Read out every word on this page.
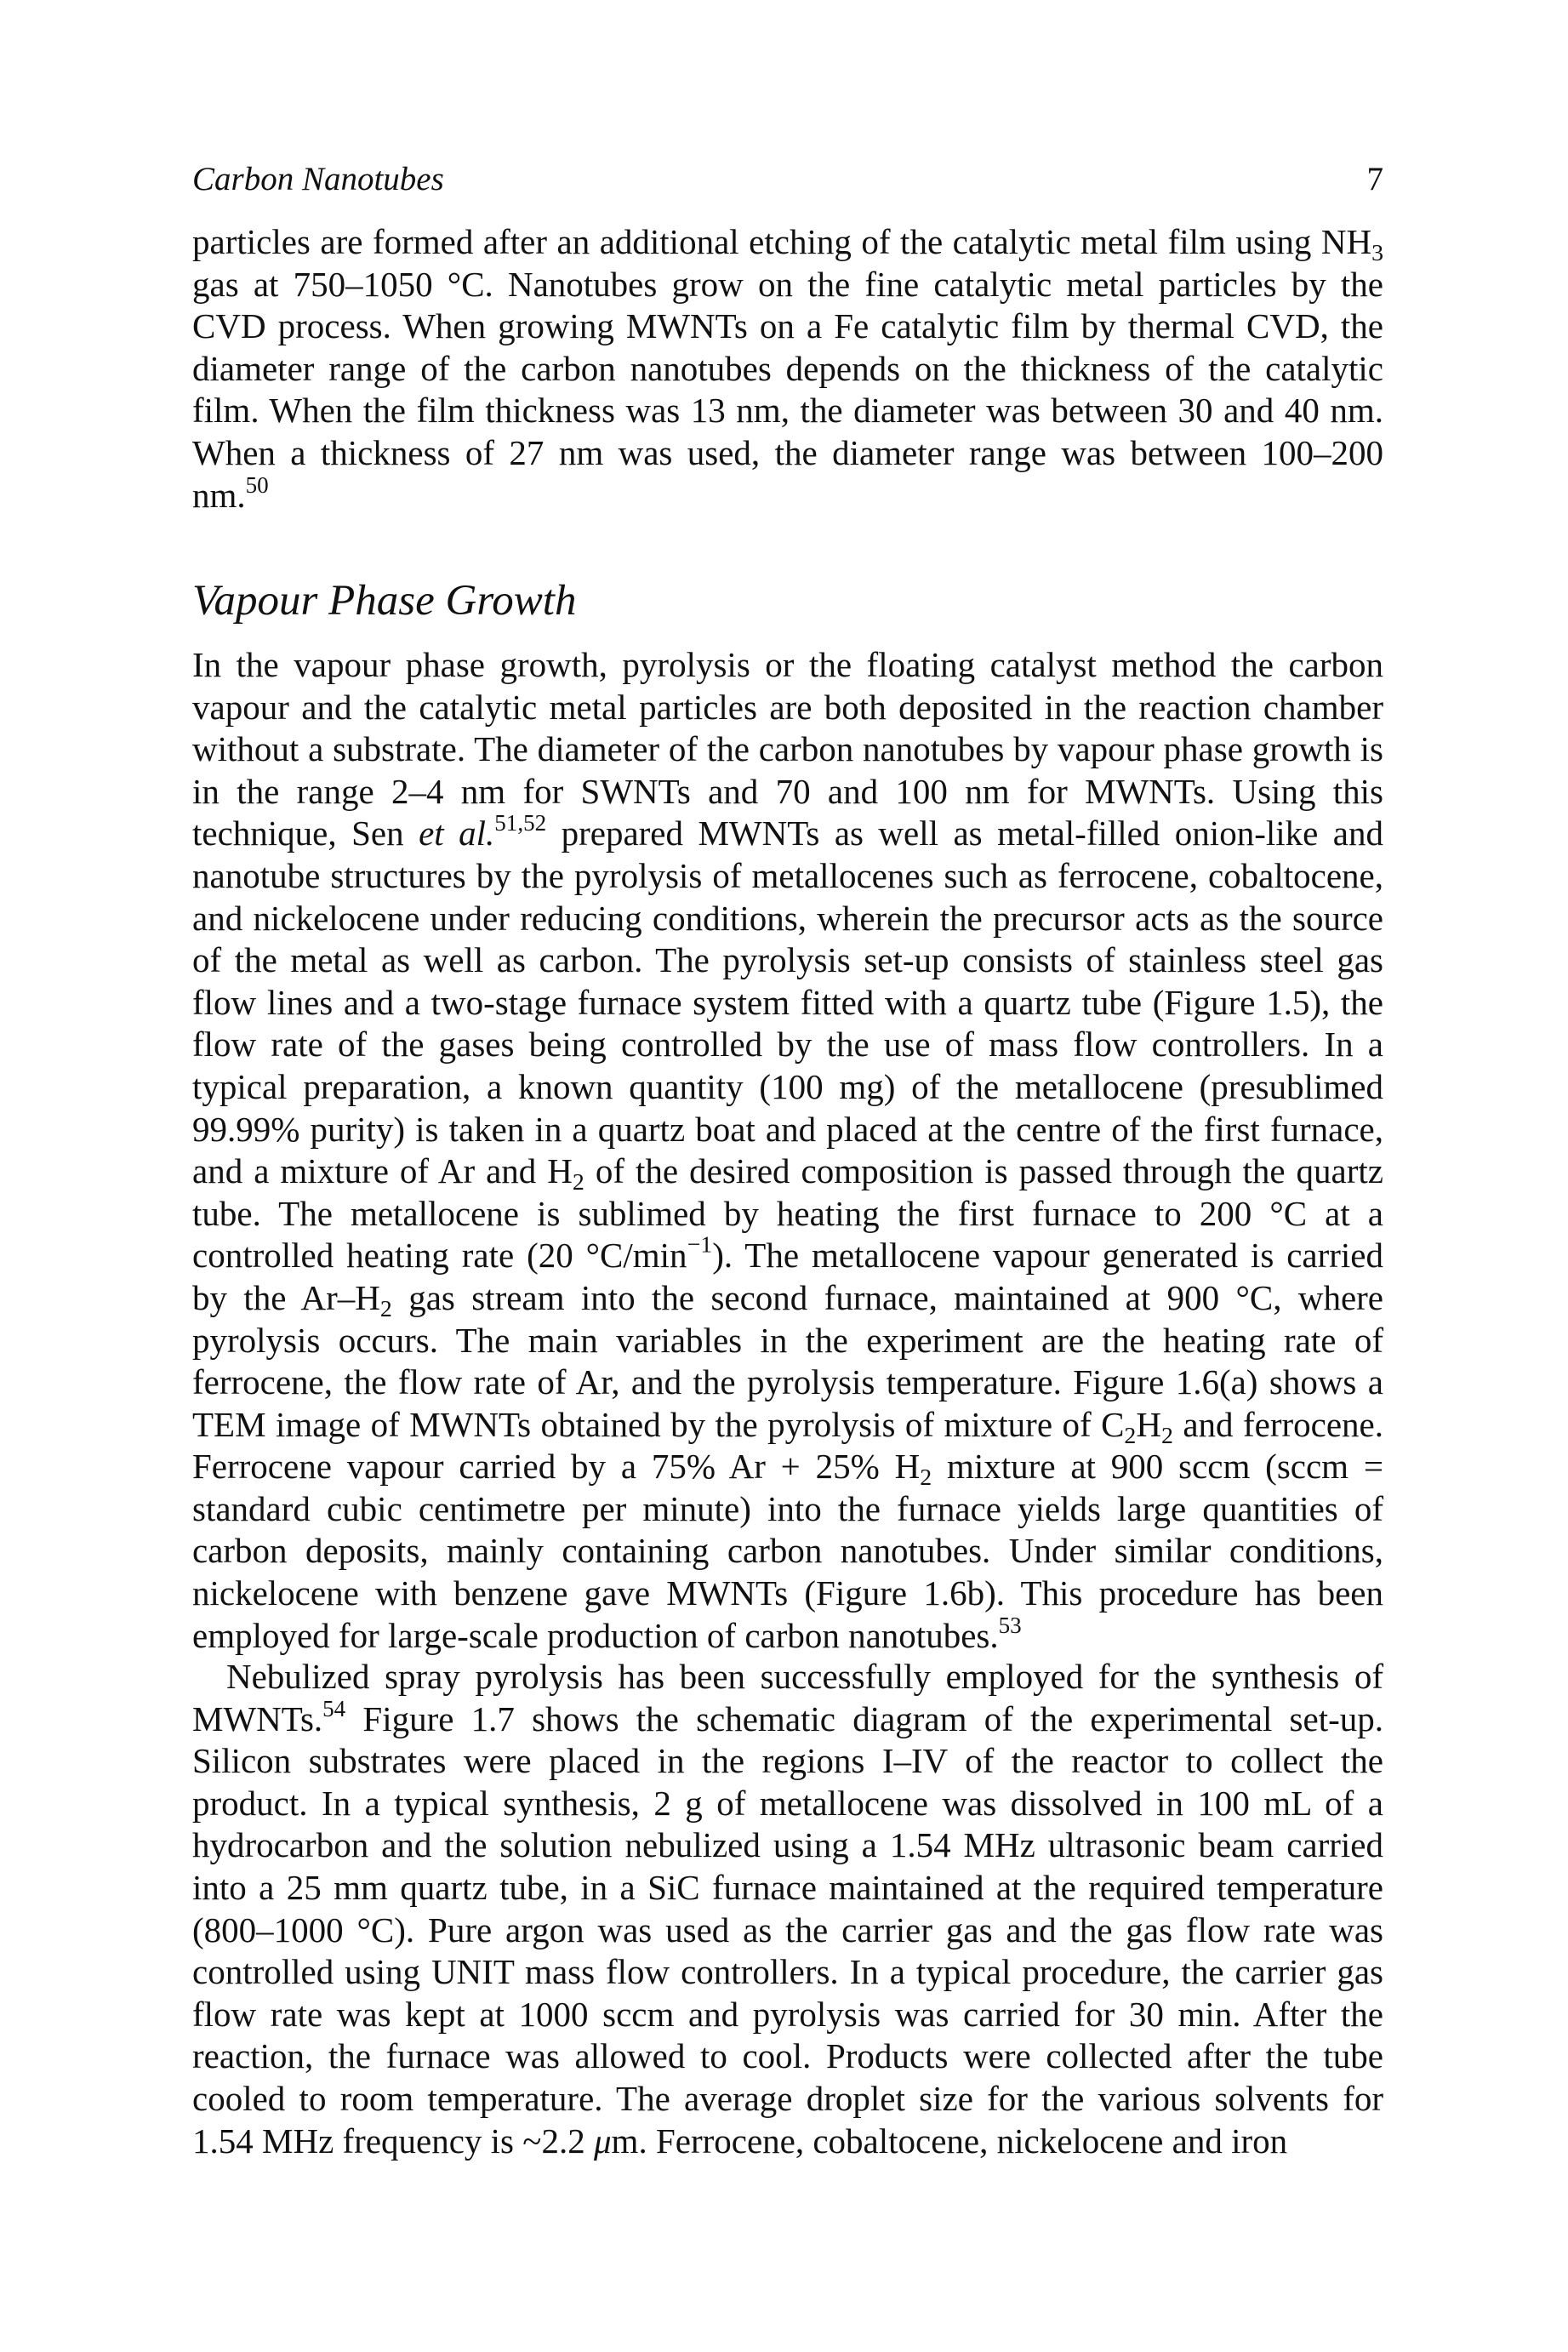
Carbon Nanotubes	7

particles are formed after an additional etching of the catalytic metal film using $NH_3$ gas at 750–1050 °C. Nanotubes grow on the fine catalytic metal particles by the CVD process. When growing MWNTs on a Fe catalytic film by thermal CVD, the diameter range of the carbon nanotubes depends on the thickness of the catalytic film. When the film thickness was 13 nm, the diameter was between 30 and 40 nm. When a thickness of 27 nm was used, the diameter range was between 100–200 nm.$^{50}$

Vapour Phase Growth

In the vapour phase growth, pyrolysis or the floating catalyst method the carbon vapour and the catalytic metal particles are both deposited in the reaction chamber without a substrate. The diameter of the carbon nanotubes by vapour phase growth is in the range 2–4 nm for SWNTs and 70 and 100 nm for MWNTs. Using this technique, Sen et al.$^{51,52}$ prepared MWNTs as well as metal-filled onion-like and nanotube structures by the pyrolysis of metallocenes such as ferrocene, cobaltocene, and nickelocene under reducing conditions, wherein the precursor acts as the source of the metal as well as carbon. The pyrolysis set-up consists of stainless steel gas flow lines and a two-stage furnace system fitted with a quartz tube (Figure 1.5), the flow rate of the gases being controlled by the use of mass flow controllers. In a typical preparation, a known quantity (100 mg) of the metallocene (presublimed 99.99% purity) is taken in a quartz boat and placed at the centre of the first furnace, and a mixture of Ar and $H_2$ of the desired composition is passed through the quartz tube. The metallocene is sublimed by heating the first furnace to 200 °C at a controlled heating rate (20 $^\circ C/\min^{-1}$). The metallocene vapour generated is carried by the $Ar-H_2$ gas stream into the second furnace, maintained at 900 °C, where pyrolysis occurs. The main variables in the experiment are the heating rate of ferrocene, the flow rate of Ar, and the pyrolysis temperature. Figure 1.6(a) shows a TEM image of MWNTs obtained by the pyrolysis of mixture of $C_2H_2$ and ferrocene. Ferrocene vapour carried by a 75% Ar + 25% $H_2$ mixture at 900 sccm (sccm = standard cubic centimetre per minute) into the furnace yields large quantities of carbon deposits, mainly containing carbon nanotubes. Under similar conditions, nickelocene with benzene gave MWNTs (Figure 1.6b). This procedure has been employed for large-scale production of carbon nanotubes.$^{53}$

Nebulized spray pyrolysis has been successfully employed for the synthesis of MWNTs.$^{54}$ Figure 1.7 shows the schematic diagram of the experimental set-up. Silicon substrates were placed in the regions I–IV of the reactor to collect the product. In a typical synthesis, 2 g of metallocene was dissolved in 100 mL of a hydrocarbon and the solution nebulized using a 1.54 MHz ultrasonic beam carried into a 25 mm quartz tube, in a SiC furnace maintained at the required temperature (800–1000 °C). Pure argon was used as the carrier gas and the gas flow rate was controlled using UNIT mass flow controllers. In a typical procedure, the carrier gas flow rate was kept at 1000 sccm and pyrolysis was carried for 30 min. After the reaction, the furnace was allowed to cool. Products were collected after the tube cooled to room temperature. The average droplet size for the various solvents for 1.54 MHz frequency is ~2.2 μm. Ferrocene, cobaltocene, nickelocene and iron
